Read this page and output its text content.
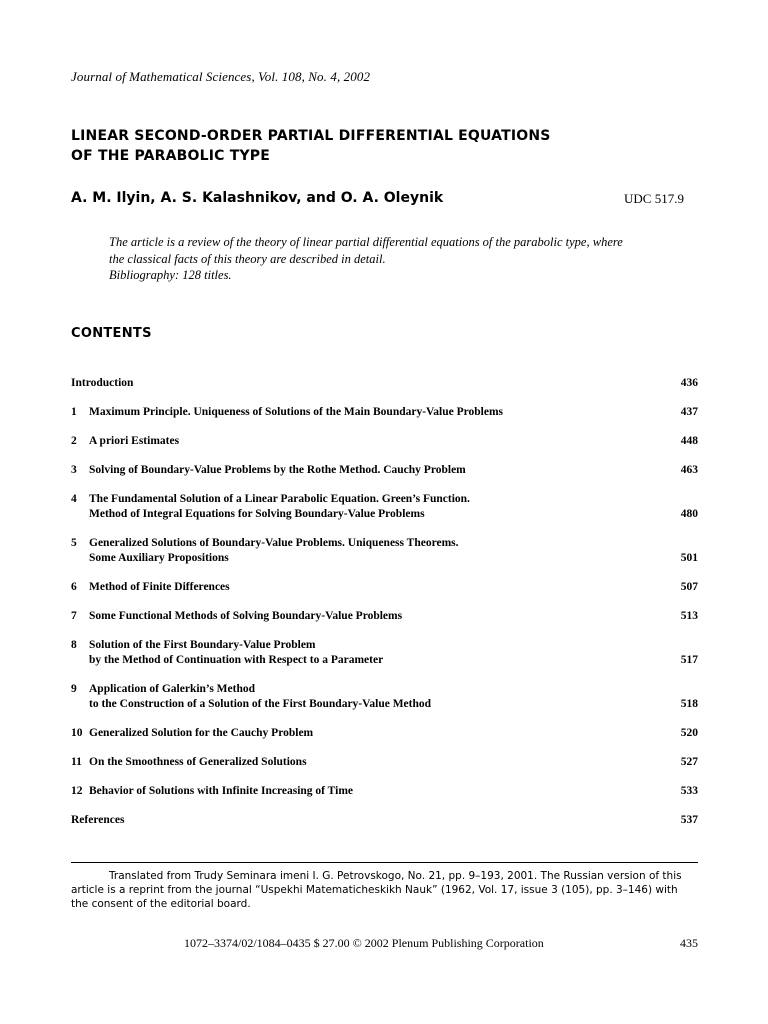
Journal of Mathematical Sciences, Vol. 108, No. 4, 2002
LINEAR SECOND-ORDER PARTIAL DIFFERENTIAL EQUATIONS
OF THE PARABOLIC TYPE
A. M. Ilyin, A. S. Kalashnikov, and O. A. Oleynik	UDC 517.9
The article is a review of the theory of linear partial differential equations of the parabolic type, where
the classical facts of this theory are described in detail.
Bibliography: 128 titles.
CONTENTS
Introduction	436
1 Maximum Principle. Uniqueness of Solutions of the Main Boundary-Value Problems	437
2 A priori Estimates	448
3 Solving of Boundary-Value Problems by the Rothe Method. Cauchy Problem	463
4 The Fundamental Solution of a Linear Parabolic Equation. Green’s Function.
Method of Integral Equations for Solving Boundary-Value Problems	480
5 Generalized Solutions of Boundary-Value Problems. Uniqueness Theorems.
Some Auxiliary Propositions	501
6 Method of Finite Differences	507
7 Some Functional Methods of Solving Boundary-Value Problems	513
8 Solution of the First Boundary-Value Problem
by the Method of Continuation with Respect to a Parameter	517
9 Application of Galerkin’s Method
to the Construction of a Solution of the First Boundary-Value Method	518
10 Generalized Solution for the Cauchy Problem	520
11 On the Smoothness of Generalized Solutions	527
12 Behavior of Solutions with Infinite Increasing of Time	533
References	537
Translated from Trudy Seminara imeni I. G. Petrovskogo, No. 21, pp. 9–193, 2001. The Russian version of this
article is a reprint from the journal “Uspekhi Matematicheskikh Nauk” (1962, Vol. 17, issue 3 (105), pp. 3–146) with
the consent of the editorial board.
1072–3374/02/1084–0435 $ 27.00 © 2002 Plenum Publishing Corporation	435
